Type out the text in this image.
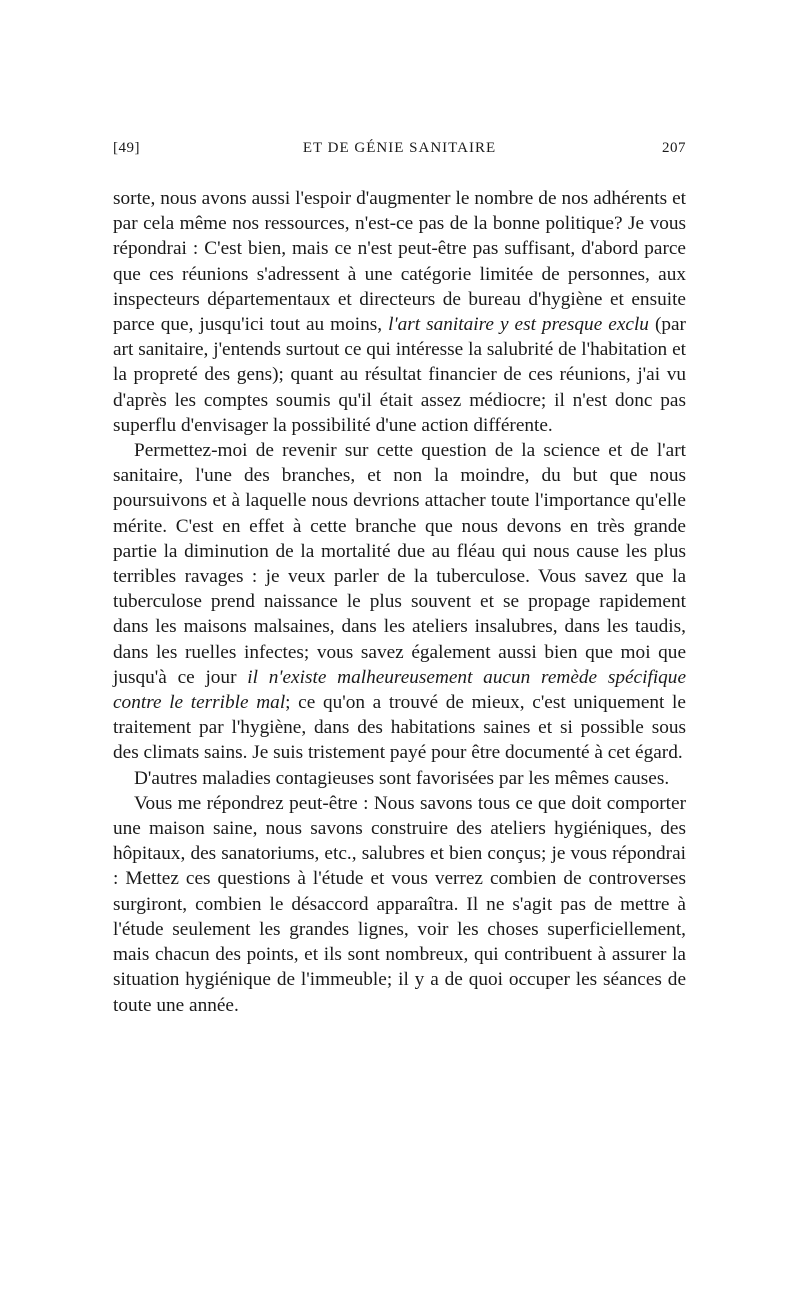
[49]	ET DE GÉNIE SANITAIRE	207

sorte, nous avons aussi l'espoir d'augmenter le nombre de nos adhérents et par cela même nos ressources, n'est-ce pas de la bonne politique? Je vous répondrai : C'est bien, mais ce n'est peut-être pas suffisant, d'abord parce que ces réunions s'adressent à une catégorie limitée de personnes, aux inspecteurs départementaux et directeurs de bureau d'hygiène et ensuite parce que, jusqu'ici tout au moins, l'art sanitaire y est presque exclu (par art sanitaire, j'entends surtout ce qui intéresse la salubrité de l'habitation et la propreté des gens); quant au résultat financier de ces réunions, j'ai vu d'après les comptes soumis qu'il était assez médiocre; il n'est donc pas superflu d'envisager la possibilité d'une action différente.

Permettez-moi de revenir sur cette question de la science et de l'art sanitaire, l'une des branches, et non la moindre, du but que nous poursuivons et à laquelle nous devrions attacher toute l'importance qu'elle mérite. C'est en effet à cette branche que nous devons en très grande partie la diminution de la mortalité due au fléau qui nous cause les plus terribles ravages : je veux parler de la tuberculose. Vous savez que la tuberculose prend naissance le plus souvent et se propage rapidement dans les maisons malsaines, dans les ateliers insalubres, dans les taudis, dans les ruelles infectes; vous savez également aussi bien que moi que jusqu'à ce jour il n'existe malheureusement aucun remède spécifique contre le terrible mal; ce qu'on a trouvé de mieux, c'est uniquement le traitement par l'hygiène, dans des habitations saines et si possible sous des climats sains. Je suis tristement payé pour être documenté à cet égard.

D'autres maladies contagieuses sont favorisées par les mêmes causes.

Vous me répondrez peut-être : Nous savons tous ce que doit comporter une maison saine, nous savons construire des ateliers hygiéniques, des hôpitaux, des sanatoriums, etc., salubres et bien conçus; je vous répondrai : Mettez ces questions à l'étude et vous verrez combien de controverses surgiront, combien le désaccord apparaîtra. Il ne s'agit pas de mettre à l'étude seulement les grandes lignes, voir les choses superficiellement, mais chacun des points, et ils sont nombreux, qui contribuent à assurer la situation hygiénique de l'immeuble; il y a de quoi occuper les séances de toute une année.
